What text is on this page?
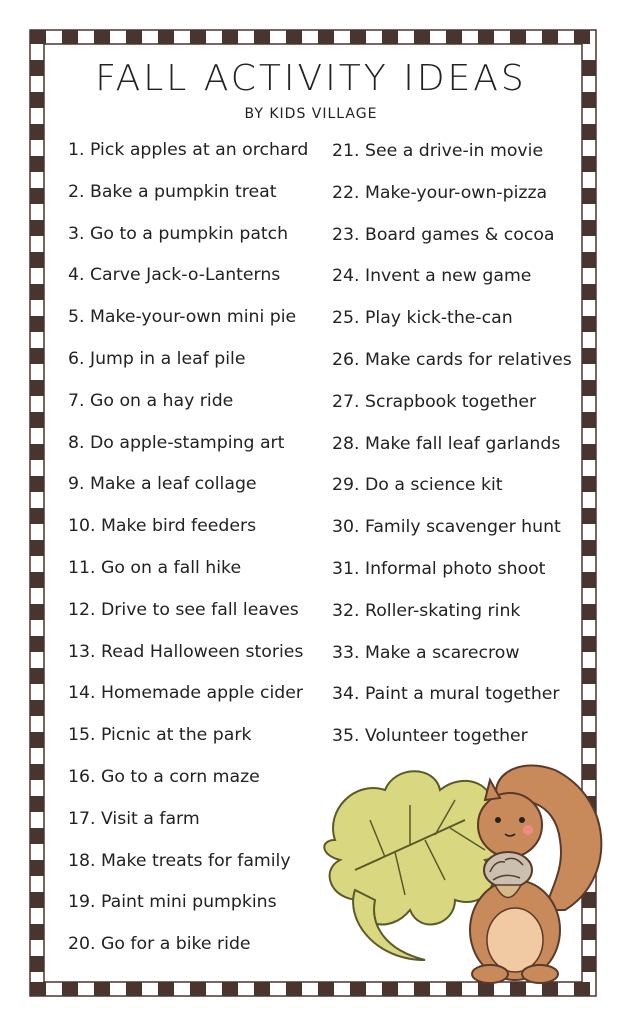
FALL ACTIVITY IDEAS
BY KIDS VILLAGE
1. Pick apples at an orchard
2. Bake a pumpkin treat
3. Go to a pumpkin patch
4. Carve Jack-o-Lanterns
5. Make-your-own mini pie
6. Jump in a leaf pile
7. Go on a hay ride
8. Do apple-stamping art
9. Make a leaf collage
10. Make bird feeders
11. Go on a fall hike
12. Drive to see fall leaves
13. Read Halloween stories
14. Homemade apple cider
15. Picnic at the park
16. Go to a corn maze
17. Visit a farm
18. Make treats for family
19. Paint mini pumpkins
20. Go for a bike ride
21. See a drive-in movie
22. Make-your-own-pizza
23. Board games & cocoa
24. Invent a new game
25. Play kick-the-can
26. Make cards for relatives
27. Scrapbook together
28. Make fall leaf garlands
29. Do a science kit
30. Family scavenger hunt
31. Informal photo shoot
32. Roller-skating rink
33. Make a scarecrow
34. Paint a mural together
35. Volunteer together
